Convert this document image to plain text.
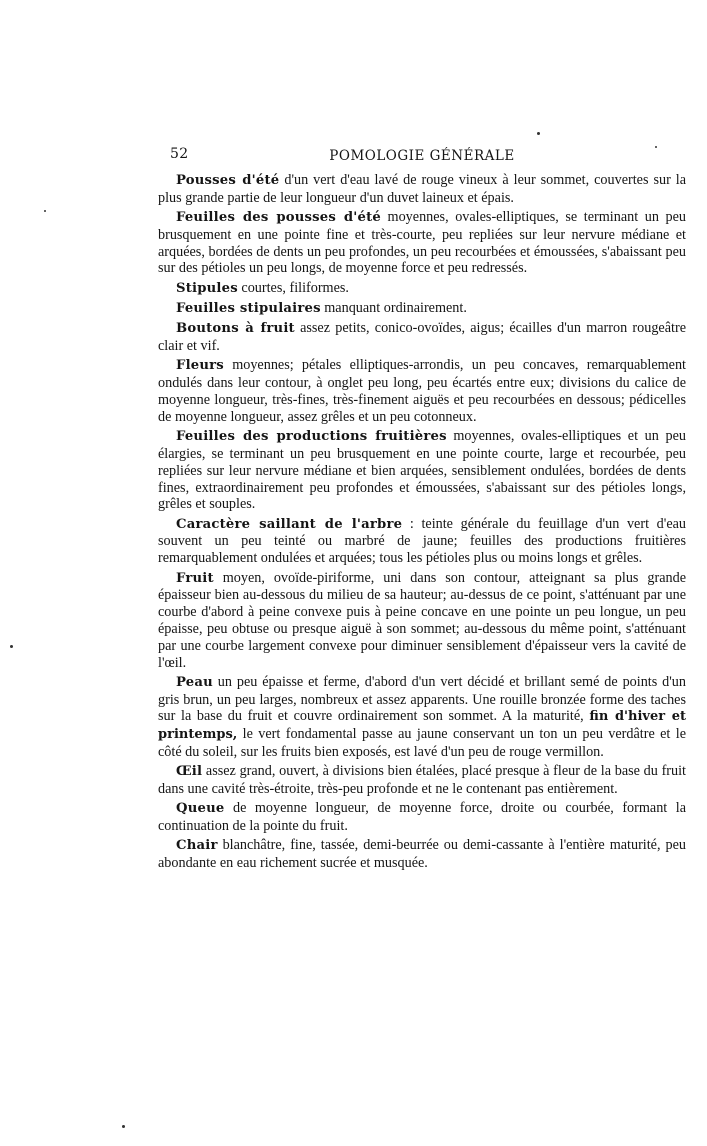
52	POMOLOGIE GÉNÉRALE

Pousses d'été d'un vert d'eau lavé de rouge vineux à leur sommet, couvertes sur la plus grande partie de leur longueur d'un duvet laineux et épais.

Feuilles des pousses d'été moyennes, ovales-elliptiques, se terminant un peu brusquement en une pointe fine et très-courte, peu repliées sur leur nervure médiane et arquées, bordées de dents un peu profondes, un peu recourbées et émoussées, s'abaissant peu sur des pétioles un peu longs, de moyenne force et peu redressés.

Stipules courtes, filiformes.

Feuilles stipulaires manquant ordinairement.

Boutons à fruit assez petits, conico-ovoïdes, aigus; écailles d'un marron rougeâtre clair et vif.

Fleurs moyennes; pétales elliptiques-arrondis, un peu concaves, remarquablement ondulés dans leur contour, à onglet peu long, peu écartés entre eux; divisions du calice de moyenne longueur, très-fines, très-finement aiguës et peu recourbées en dessous; pédicelles de moyenne longueur, assez grêles et un peu cotonneux.

Feuilles des productions fruitières moyennes, ovales-elliptiques et un peu élargies, se terminant un peu brusquement en une pointe courte, large et recourbée, peu repliées sur leur nervure médiane et bien arquées, sensiblement ondulées, bordées de dents fines, extraordinairement peu profondes et émoussées, s'abaissant sur des pétioles longs, grêles et souples.

Caractère saillant de l'arbre : teinte générale du feuillage d'un vert d'eau souvent un peu teinté ou marbré de jaune; feuilles des productions fruitières remarquablement ondulées et arquées; tous les pétioles plus ou moins longs et grêles.

Fruit moyen, ovoïde-piriforme, uni dans son contour, atteignant sa plus grande épaisseur bien au-dessous du milieu de sa hauteur; au-dessus de ce point, s'atténuant par une courbe d'abord à peine convexe puis à peine concave en une pointe un peu longue, un peu épaisse, peu obtuse ou presque aiguë à son sommet; au-dessous du même point, s'atténuant par une courbe largement convexe pour diminuer sensiblement d'épaisseur vers la cavité de l'œil.

Peau un peu épaisse et ferme, d'abord d'un vert décidé et brillant semé de points d'un gris brun, un peu larges, nombreux et assez apparents. Une rouille bronzée forme des taches sur la base du fruit et couvre ordinairement son sommet. A la maturité, fin d'hiver et printemps, le vert fondamental passe au jaune conservant un ton un peu verdâtre et le côté du soleil, sur les fruits bien exposés, est lavé d'un peu de rouge vermillon.

Œil assez grand, ouvert, à divisions bien étalées, placé presque à fleur de la base du fruit dans une cavité très-étroite, très-peu profonde et ne le contenant pas entièrement.

Queue de moyenne longueur, de moyenne force, droite ou courbée, formant la continuation de la pointe du fruit.

Chair blanchâtre, fine, tassée, demi-beurrée ou demi-cassante à l'entière maturité, peu abondante en eau richement sucrée et musquée.
